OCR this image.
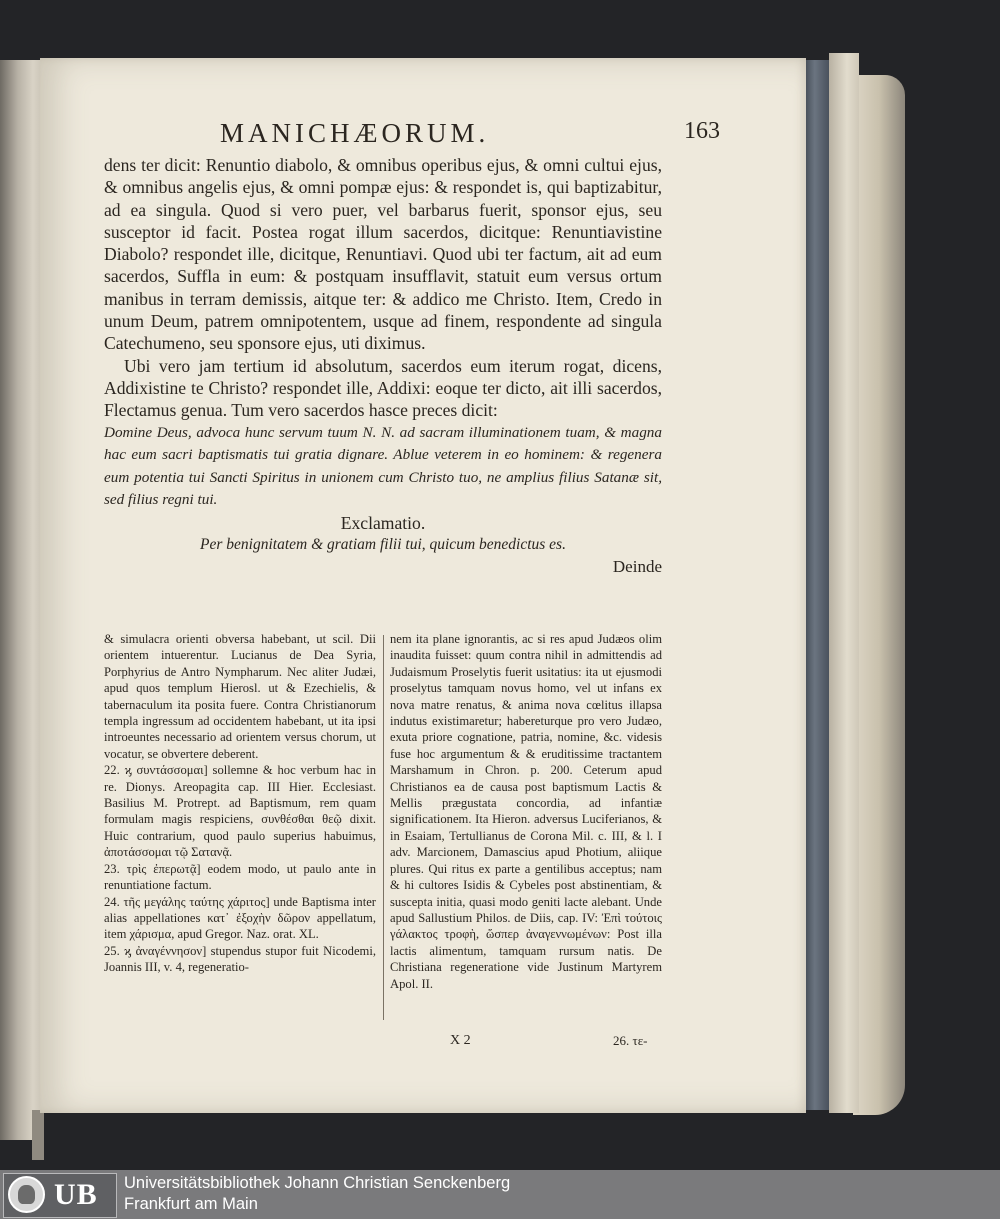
MANICHÆORUM.	163

dens ter dicit: Renuntio diabolo, & omnibus operibus ejus, & omni cultui ejus, & omnibus angelis ejus, & omni pompæ ejus: & respondet is, qui baptizabitur, ad ea singula. Quod si vero puer, vel barbarus fuerit, sponsor ejus, seu susceptor id facit. Postea rogat illum sacerdos, dicitque: Renuntiavistine Diabolo? respondet ille, dicitque, Renuntiavi. Quod ubi ter factum, ait ad eum sacerdos, Suffla in eum: & postquam insufflavit, statuit eum versus ortum manibus in terram demissis, aitque ter: & addico me Christo. Item, Credo in unum Deum, patrem omnipotentem, usque ad finem, respondente ad singula Catechumeno, seu sponsore ejus, uti diximus.

Ubi vero jam tertium id absolutum, sacerdos eum iterum rogat, dicens, Addixistine te Christo? respondet ille, Addixi: eoque ter dicto, ait illi sacerdos, Flectamus genua. Tum vero sacerdos hasce preces dicit:

Domine Deus, advoca hunc servum tuum N. N. ad sacram illuminationem tuam, & magna hac eum sacri baptismatis tui gratia dignare. Ablue veterem in eo hominem: & regenera eum potentia tui Sancti Spiritus in unionem cum Christo tuo, ne amplius filius Satanæ sit, sed filius regni tui.

Exclamatio.

Per benignitatem & gratiam filii tui, quicum benedictus es.

Deinde

& simulacra orienti obversa habebant, ut scil. Dii orientem intuerentur. Lucianus de Dea Syria, Porphyrius de Antro Nympharum. Nec aliter Judæi, apud quos templum Hierosl. ut & Ezechielis, & tabernaculum ita posita fuere. Contra Christianorum templa ingressum ad occidentem habebant, ut ita ipsi introeuntes necessario ad orientem versus chorum, ut vocatur, se obvertere deberent.

22. ϗ συντάσσομαι] sollemne & hoc verbum hac in re. Dionys. Areopagita cap. III Hier. Ecclesiast. Basilius M. Protrept. ad Baptismum, rem quam formulam magis respiciens, συνθέσθαι θεῷ dixit. Huic contrarium, quod paulo superius habuimus, ἀποτάσσομαι τῷ Σατανᾷ.

23. τρὶς ἐπερωτᾷ] eodem modo, ut paulo ante in renuntiatione factum.

24. τῆς μεγάλης ταύτης χάριτος] unde Baptisma inter alias appellationes κατ᾽ ἐξοχὴν δῶρον appellatum, item χάρισμα, apud Gregor. Naz. orat. XL.

25. ϗ ἀναγέννησον] stupendus stupor fuit Nicodemi, Joannis III, v. 4, regeneratio-

nem ita plane ignorantis, ac si res apud Judæos olim inaudita fuisset: quum contra nihil in admittendis ad Judaismum Proselytis fuerit usitatius: ita ut ejusmodi proselytus tamquam novus homo, vel ut infans ex nova matre renatus, & anima nova cœlitus illapsa indutus existimaretur; habereturque pro vero Judæo, exuta priore cognatione, patria, nomine, &c. videsis fuse hoc argumentum & & eruditissime tractantem Marshamum in Chron. p. 200. Ceterum apud Christianos ea de causa post baptismum Lactis & Mellis prægustata concordia, ad infantiæ significationem. Ita Hieron. adversus Luciferianos, & in Esaiam, Tertullianus de Corona Mil. c. III, & l. I adv. Marcionem, Damascius apud Photium, aliique plures. Qui ritus ex parte a gentilibus acceptus; nam & hi cultores Isidis & Cybeles post abstinentiam, & suscepta initia, quasi modo geniti lacte alebant. Unde apud Sallustium Philos. de Diis, cap. IV: Ἐπὶ τούτοις γάλακτος τροφὴ, ὥσπερ ἀναγεννωμένων: Post illa lactis alimentum, tamquam rursum natis. De Christiana regeneratione vide Justinum Martyrem Apol. II.

X 2	26. τε-
UB Universitätsbibliothek Johann Christian Senckenberg
Frankfurt am Main
